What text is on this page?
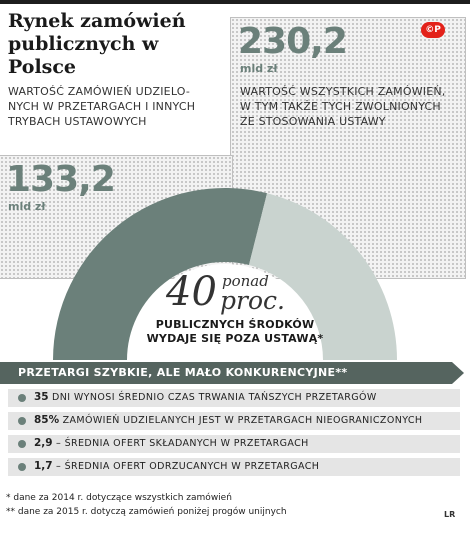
Rynek zamówień
publicznych w Polsce
©P
230,2
mld zł
WARTOŚĆ WSZYSTKICH ZAMÓWIEŃ,
W TYM TAKŻE TYCH ZWOLNIONYCH
ZE STOSOWANIA USTAWY
WARTOŚĆ ZAMÓWIEŃ UDZIELO-
NYCH W PRZETARGACH I INNYCH
TRYBACH USTAWOWYCH
133,2
mld zł
40 ponad
proc.
PUBLICZNYCH ŚRODKÓW
WYDAJE SIĘ POZA USTAWĄ*
PRZETARGI SZYBKIE, ALE MAŁO KONKURENCYJNE**
35 DNI WYNOSI ŚREDNIO CZAS TRWANIA TAŃSZYCH PRZETARGÓW
85% ZAMÓWIEŃ UDZIELANYCH JEST W PRZETARGACH NIEOGRANICZONYCH
2,9 – ŚREDNIA OFERT SKŁADANYCH W PRZETARGACH
1,7 – ŚREDNIA OFERT ODRZUCANYCH W PRZETARGACH
* dane za 2014 r. dotyczące wszystkich zamówień
** dane za 2015 r. dotyczą zamówień poniżej progów unijnych	LR
